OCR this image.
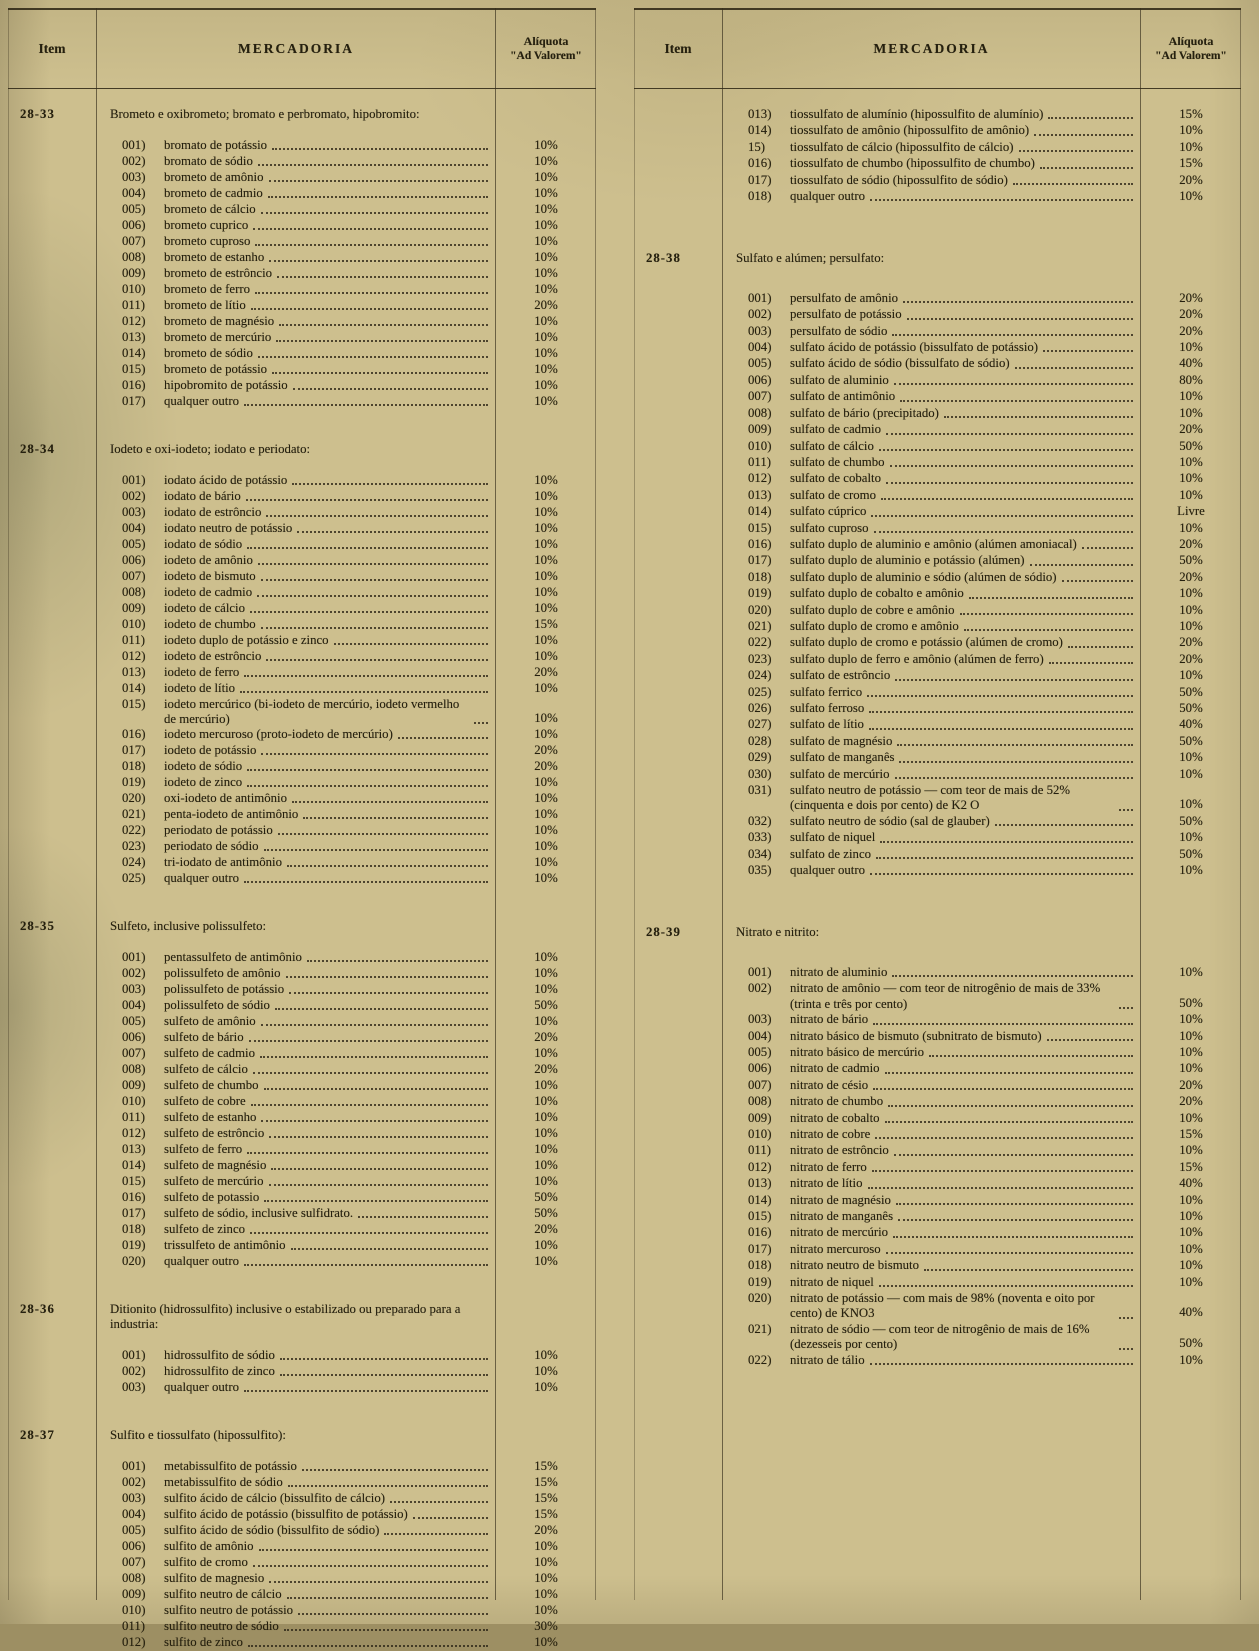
Item	MERCADORIA	Alíquota
"Ad Valorem"
28-33	Brometo e oxibrometo; bromato e perbromato, hipobromito:
001)	bromato de potássio	10%
002)	bromato de sódio	10%
003)	brometo de amônio	10%
004)	brometo de cadmio	10%
005)	brometo de cálcio	10%
006)	brometo cuprico	10%
007)	brometo cuproso	10%
008)	brometo de estanho	10%
009)	brometo de estrôncio	10%
010)	brometo de ferro	10%
011)	brometo de lítio	20%
012)	brometo de magnésio	10%
013)	brometo de mercúrio	10%
014)	brometo de sódio	10%
015)	brometo de potássio	10%
016)	hipobromito de potássio	10%
017)	qualquer outro	10%
28-34	Iodeto e oxi-iodeto; iodato e periodato:
001)	iodato ácido de potássio	10%
002)	iodato de bário	10%
003)	iodato de estrôncio	10%
004)	iodato neutro de potássio	10%
005)	iodato de sódio	10%
006)	iodeto de amônio	10%
007)	iodeto de bismuto	10%
008)	iodeto de cadmio	10%
009)	iodeto de cálcio	10%
010)	iodeto de chumbo	15%
011)	iodeto duplo de potássio e zinco	10%
012)	iodeto de estrôncio	10%
013)	iodeto de ferro	20%
014)	iodeto de lítio	10%
015)	iodeto mercúrico (bi-iodeto de mercúrio, iodeto vermelho de mercúrio)	10%
016)	iodeto mercuroso (proto-iodeto de mercúrio)	10%
017)	iodeto de potássio	20%
018)	iodeto de sódio	20%
019)	iodeto de zinco	10%
020)	oxi-iodeto de antimônio	10%
021)	penta-iodeto de antimônio	10%
022)	periodato de potássio	10%
023)	periodato de sódio	10%
024)	tri-iodato de antimônio	10%
025)	qualquer outro	10%
28-35	Sulfeto, inclusive polissulfeto:
001)	pentassulfeto de antimônio	10%
002)	polissulfeto de amônio	10%
003)	polissulfeto de potássio	10%
004)	polissulfeto de sódio	50%
005)	sulfeto de amônio	10%
006)	sulfeto de bário	20%
007)	sulfeto de cadmio	10%
008)	sulfeto de cálcio	20%
009)	sulfeto de chumbo	10%
010)	sulfeto de cobre	10%
011)	sulfeto de estanho	10%
012)	sulfeto de estrôncio	10%
013)	sulfeto de ferro	10%
014)	sulfeto de magnésio	10%
015)	sulfeto de mercúrio	10%
016)	sulfeto de potassio	50%
017)	sulfeto de sódio, inclusive sulfidrato.	50%
018)	sulfeto de zinco	20%
019)	trissulfeto de antimônio	10%
020)	qualquer outro	10%
28-36	Ditionito (hidrossulfito) inclusive o estabilizado ou preparado para a industria:
001)	hidrossulfito de sódio	10%
002)	hidrossulfito de zinco	10%
003)	qualquer outro	10%
28-37	Sulfito e tiossulfato (hipossulfito):
001)	metabissulfito de potássio	15%
002)	metabissulfito de sódio	15%
003)	sulfito ácido de cálcio (bissulfito de cálcio)	15%
004)	sulfito ácido de potássio (bissulfito de potássio)	15%
005)	sulfito ácido de sódio (bissulfito de sódio)	20%
006)	sulfito de amônio	10%
007)	sulfito de cromo	10%
008)	sulfito de magnesio	10%
009)	sulfito neutro de cálcio	10%
010)	sulfito neutro de potássio	10%
011)	sulfito neutro de sódio	30%
012)	sulfito de zinco	10%
Item	MERCADORIA	Alíquota
"Ad Valorem"
013)	tiossulfato de alumínio (hipossulfito de alumínio)	15%
014)	tiossulfato de amônio (hipossulfito de amônio)	10%
15)	tiossulfato de cálcio (hipossulfito de cálcio)	10%
016)	tiossulfato de chumbo (hipossulfito de chumbo)	15%
017)	tiossulfato de sódio (hipossulfito de sódio)	20%
018)	qualquer outro	10%
28-38	Sulfato e alúmen; persulfato:
001)	persulfato de amônio	20%
002)	persulfato de potássio	20%
003)	persulfato de sódio	20%
004)	sulfato ácido de potássio (bissulfato de potássio)	10%
005)	sulfato ácido de sódio (bissulfato de sódio)	40%
006)	sulfato de aluminio	80%
007)	sulfato de antimônio	10%
008)	sulfato de bário (precipitado)	10%
009)	sulfato de cadmio	20%
010)	sulfato de cálcio	50%
011)	sulfato de chumbo	10%
012)	sulfato de cobalto	10%
013)	sulfato de cromo	10%
014)	sulfato cúprico	Livre
015)	sulfato cuproso	10%
016)	sulfato duplo de aluminio e amônio (alúmen amoniacal)	20%
017)	sulfato duplo de aluminio e potássio (alúmen)	50%
018)	sulfato duplo de aluminio e sódio (alúmen de sódio)	20%
019)	sulfato duplo de cobalto e amônio	10%
020)	sulfato duplo de cobre e amônio	10%
021)	sulfato duplo de cromo e amônio	10%
022)	sulfato duplo de cromo e potássio (alúmen de cromo)	20%
023)	sulfato duplo de ferro e amônio (alúmen de ferro)	20%
024)	sulfato de estrôncio	10%
025)	sulfato ferrico	50%
026)	sulfato ferroso	50%
027)	sulfato de lítio	40%
028)	sulfato de magnésio	50%
029)	sulfato de manganês	10%
030)	sulfato de mercúrio	10%
031)	sulfato neutro de potássio — com teor de mais de 52% (cinquenta e dois por cento) de K2 O	10%
032)	sulfato neutro de sódio (sal de glauber)	50%
033)	sulfato de niquel	10%
034)	sulfato de zinco	50%
035)	qualquer outro	10%
28-39	Nitrato e nitrito:
001)	nitrato de aluminio	10%
002)	nitrato de amônio — com teor de nitrogênio de mais de 33% (trinta e três por cento)	50%
003)	nitrato de bário	10%
004)	nitrato básico de bismuto (subnitrato de bismuto)	10%
005)	nitrato básico de mercúrio	10%
006)	nitrato de cadmio	10%
007)	nitrato de césio	20%
008)	nitrato de chumbo	20%
009)	nitrato de cobalto	10%
010)	nitrato de cobre	15%
011)	nitrato de estrôncio	10%
012)	nitrato de ferro	15%
013)	nitrato de lítio	40%
014)	nitrato de magnésio	10%
015)	nitrato de manganês	10%
016)	nitrato de mercúrio	10%
017)	nitrato mercuroso	10%
018)	nitrato neutro de bismuto	10%
019)	nitrato de niquel	10%
020)	nitrato de potássio — com mais de 98% (noventa e oito por cento) de KNO3	40%
021)	nitrato de sódio — com teor de nitrogênio de mais de 16% (dezesseis por cento)	50%
022)	nitrato de tálio	10%
